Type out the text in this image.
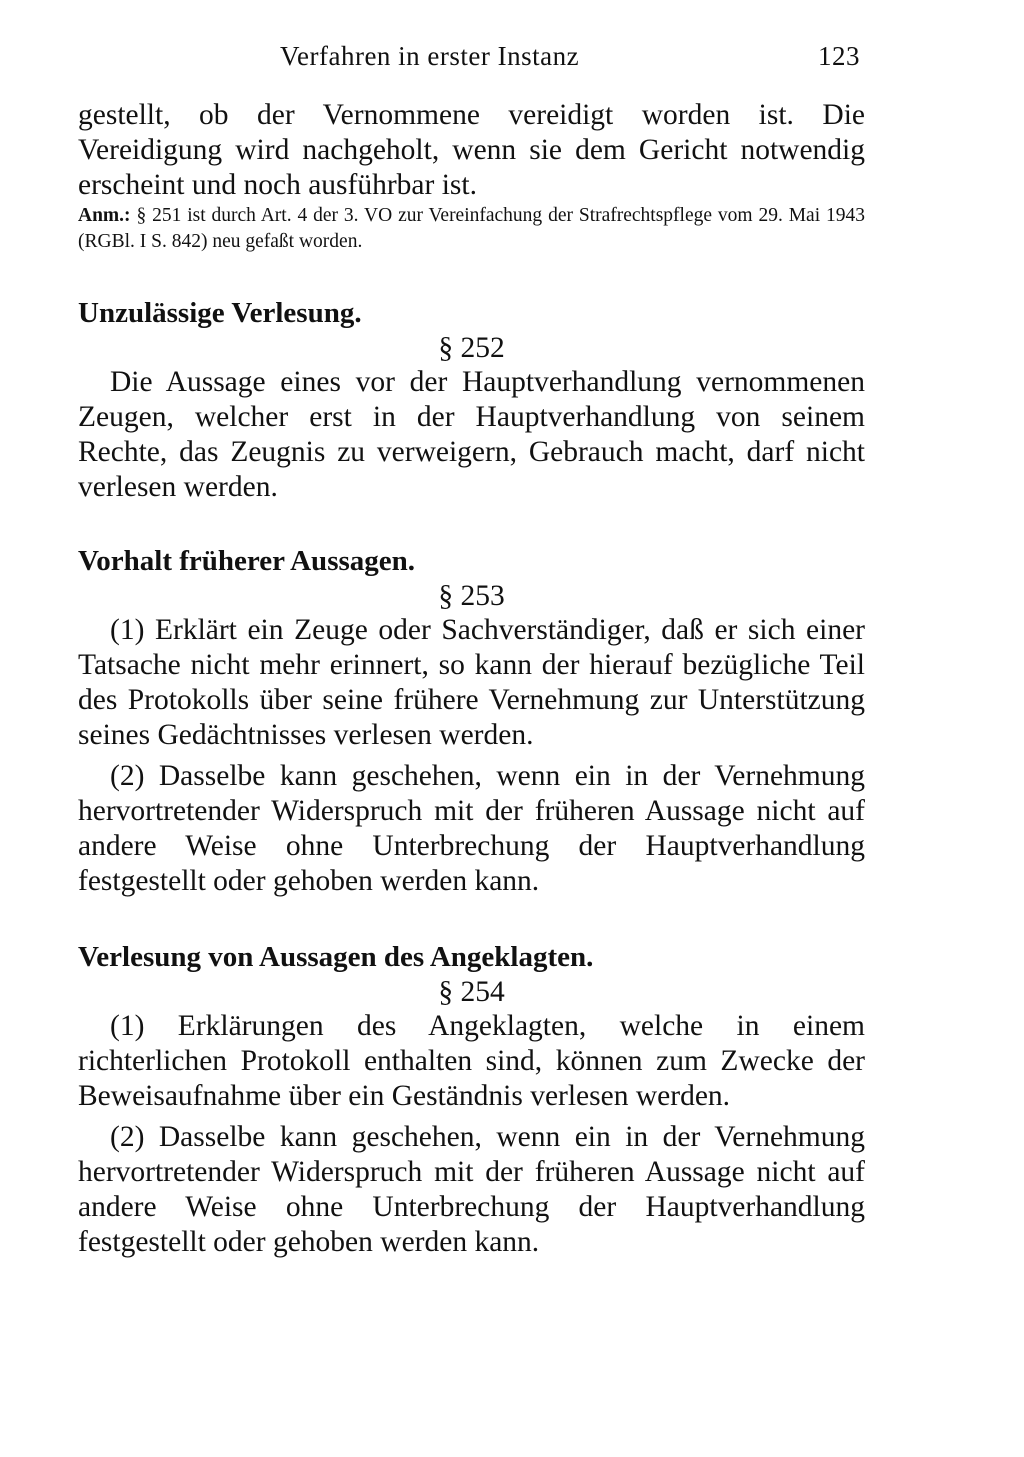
Verfahren in erster Instanz	123

gestellt, ob der Vernommene vereidigt worden ist. Die Vereidigung wird nachgeholt, wenn sie dem Gericht notwendig erscheint und noch ausführbar ist.

Anm.: § 251 ist durch Art. 4 der 3. VO zur Vereinfachung der Strafrechtspflege vom 29. Mai 1943 (RGBl. I S. 842) neu gefaßt worden.

Unzulässige Verlesung.

§ 252

Die Aussage eines vor der Hauptverhandlung vernommenen Zeugen, welcher erst in der Hauptverhandlung von seinem Rechte, das Zeugnis zu verweigern, Gebrauch macht, darf nicht verlesen werden.

Vorhalt früherer Aussagen.

§ 253

(1) Erklärt ein Zeuge oder Sachverständiger, daß er sich einer Tatsache nicht mehr erinnert, so kann der hierauf bezügliche Teil des Protokolls über seine frühere Vernehmung zur Unterstützung seines Gedächtnisses verlesen werden.

(2) Dasselbe kann geschehen, wenn ein in der Vernehmung hervortretender Widerspruch mit der früheren Aussage nicht auf andere Weise ohne Unterbrechung der Hauptverhandlung festgestellt oder gehoben werden kann.

Verlesung von Aussagen des Angeklagten.

§ 254

(1) Erklärungen des Angeklagten, welche in einem richterlichen Protokoll enthalten sind, können zum Zwecke der Beweisaufnahme über ein Geständnis verlesen werden.

(2) Dasselbe kann geschehen, wenn ein in der Vernehmung hervortretender Widerspruch mit der früheren Aussage nicht auf andere Weise ohne Unterbrechung der Hauptverhandlung festgestellt oder gehoben werden kann.
